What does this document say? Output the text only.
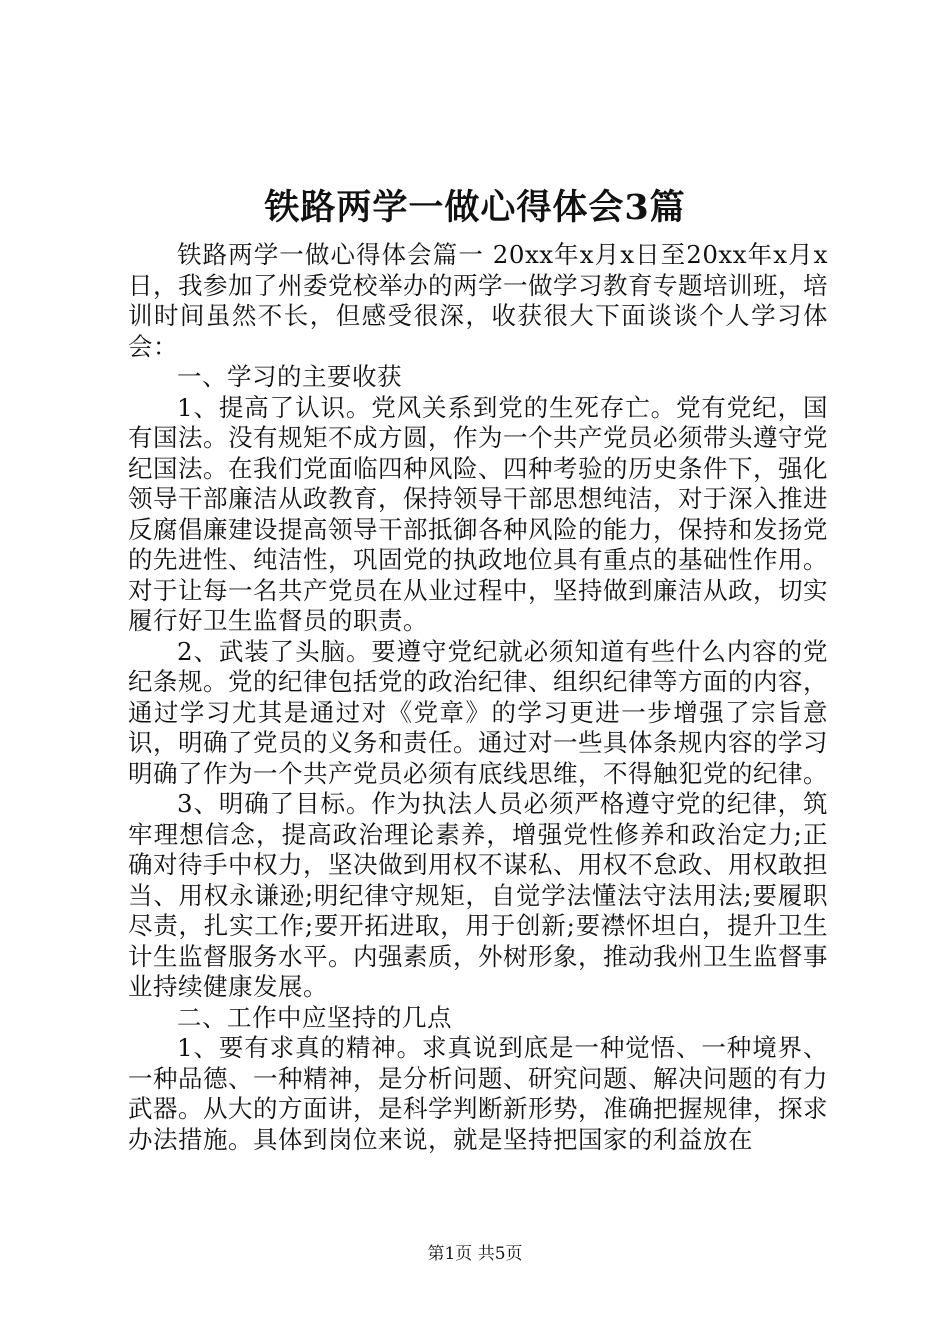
铁路两学一做心得体会3篇

铁路两学一做心得体会篇一 20xx年x月x日至20xx年x月x日，我参加了州委党校举办的两学一做学习教育专题培训班，培训时间虽然不长，但感受很深，收获很大下面谈谈个人学习体会：

一、学习的主要收获

1、提高了认识。党风关系到党的生死存亡。党有党纪，国有国法。没有规矩不成方圆，作为一个共产党员必须带头遵守党纪国法。在我们党面临四种风险、四种考验的历史条件下，强化领导干部廉洁从政教育，保持领导干部思想纯洁，对于深入推进反腐倡廉建设提高领导干部抵御各种风险的能力，保持和发扬党的先进性、纯洁性，巩固党的执政地位具有重点的基础性作用。对于让每一名共产党员在从业过程中，坚持做到廉洁从政，切实履行好卫生监督员的职责。

2、武装了头脑。要遵守党纪就必须知道有些什么内容的党纪条规。党的纪律包括党的政治纪律、组织纪律等方面的内容，通过学习尤其是通过对《党章》的学习更进一步增强了宗旨意识，明确了党员的义务和责任。通过对一些具体条规内容的学习明确了作为一个共产党员必须有底线思维，不得触犯党的纪律。

3、明确了目标。作为执法人员必须严格遵守党的纪律，筑牢理想信念，提高政治理论素养，增强党性修养和政治定力;正确对待手中权力，坚决做到用权不谋私、用权不怠政、用权敢担当、用权永谦逊;明纪律守规矩，自觉学法懂法守法用法;要履职尽责，扎实工作;要开拓进取，用于创新;要襟怀坦白，提升卫生计生监督服务水平。内强素质，外树形象，推动我州卫生监督事业持续健康发展。

二、工作中应坚持的几点

1、要有求真的精神。求真说到底是一种觉悟、一种境界、一种品德、一种精神，是分析问题、研究问题、解决问题的有力武器。从大的方面讲，是科学判断新形势，准确把握规律，探求办法措施。具体到岗位来说，就是坚持把国家的利益放在

第1页 共5页
